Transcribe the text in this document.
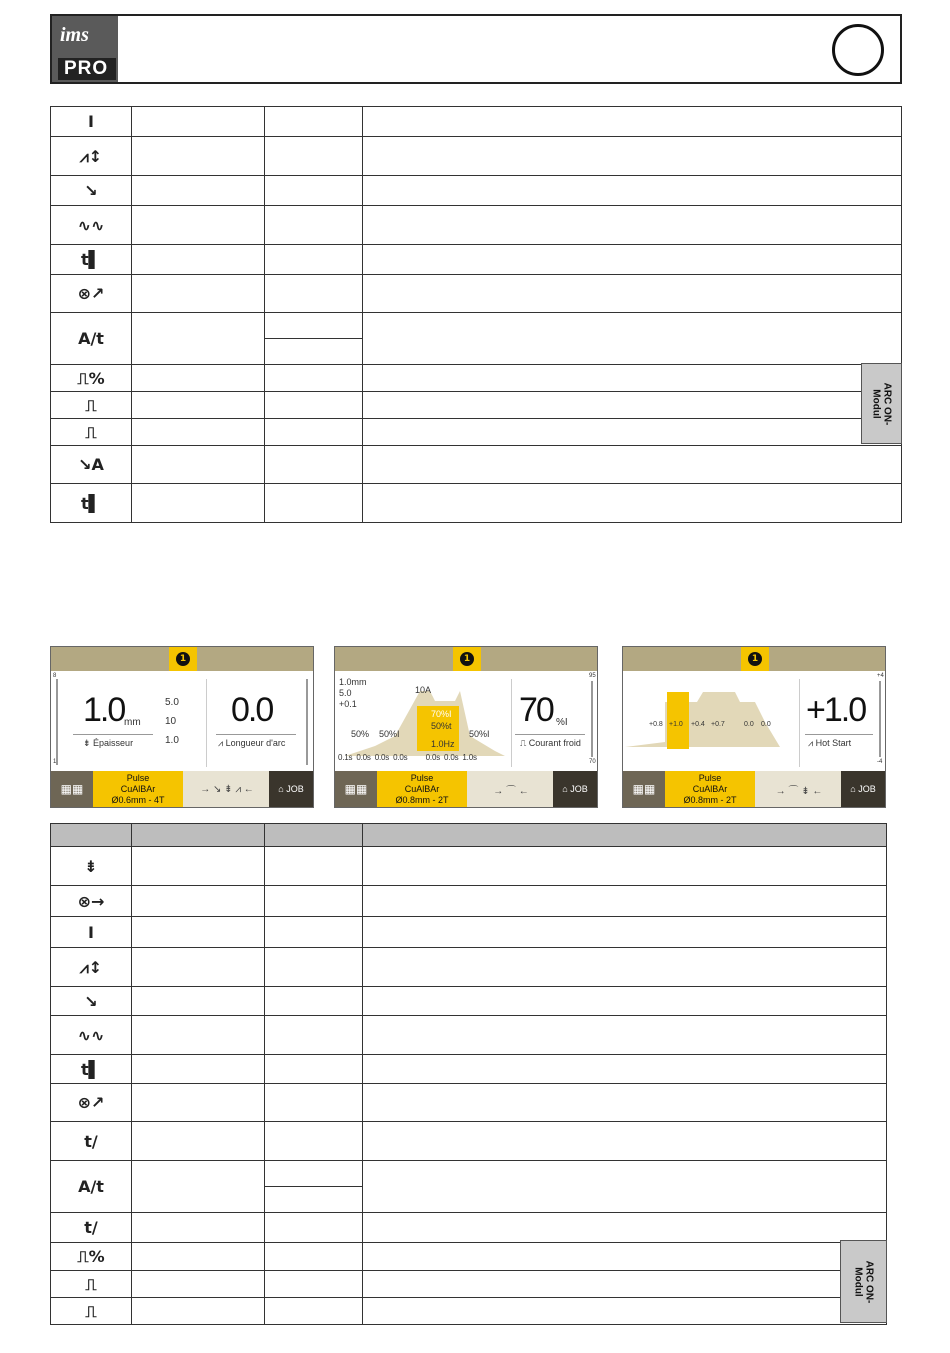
ims
PRO
I			
⩘↕			
↘			
∿∿			
t▌			
⊗↗			
A/t		

⎍%			
⎍			
⎍			
↘A			
t▌			
ARC ON-
Modul
1
8
1
1.0 mm
⇟ Épaisseur
5.0
10
1.0
0.0
⩘ Longueur d'arc
▦▦
Pulse
CuAlBAr
Ø0.6mm - 4T
→ ↘ ⇟ ⩘ ←	⌂ JOB
1
1.0mm
5.0
+0.1
10A
70%I
50%t
1.0Hz
50%I	50%I
50%
0.1s 0.0s 0.0s 0.0s 0.0s 0.0s 1.0s
70 %I
⎍ Courant froid
95
70
▦▦
Pulse
CuAlBAr
Ø0.8mm - 2T
→ ⌒ ←	⌂ JOB
1
+0.8 +1.0 +0.4 +0.7	0.0 0.0 +1.0
⩘ Hot Start
+4
-4
▦▦
Pulse
CuAlBAr
Ø0.8mm - 2T
→ ⌒ ⇟ ←	⌂ JOB

⇟			
⊗→			
I			
⩘↕			
↘			
∿∿			
t▌			
⊗↗			
t/			
A/t		

t/			
⎍%			
⎍			
⎍			
ARC ON-
Modul
